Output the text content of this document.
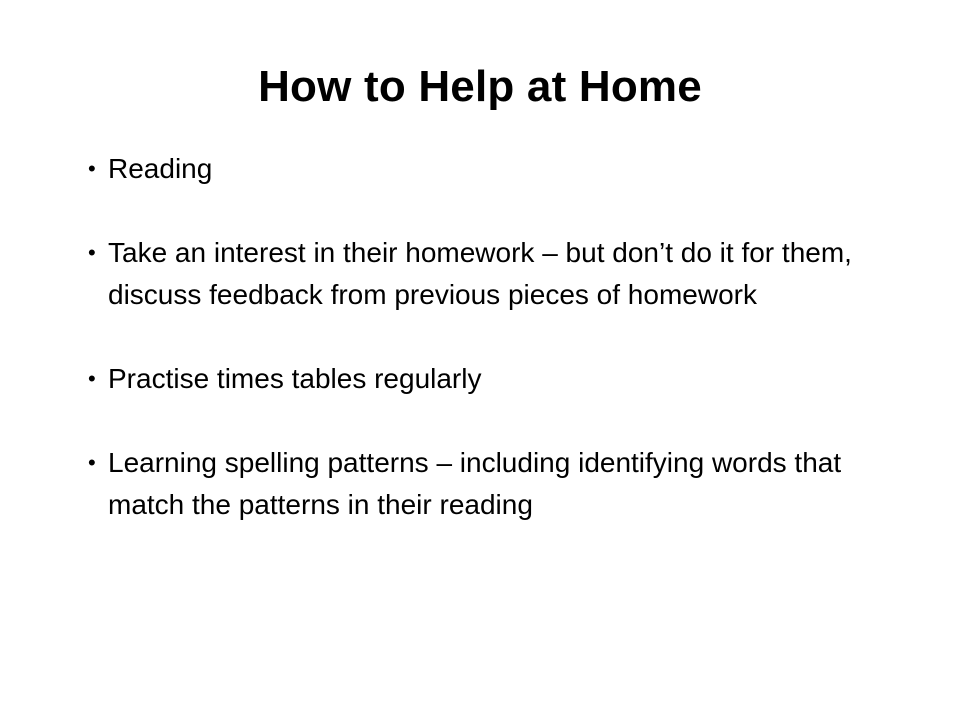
How to Help at Home
• Reading
• Take an interest in their homework – but don’t do it for them, discuss feedback from previous pieces of homework
• Practise times tables regularly
• Learning spelling patterns – including identifying words that match the patterns in their reading
